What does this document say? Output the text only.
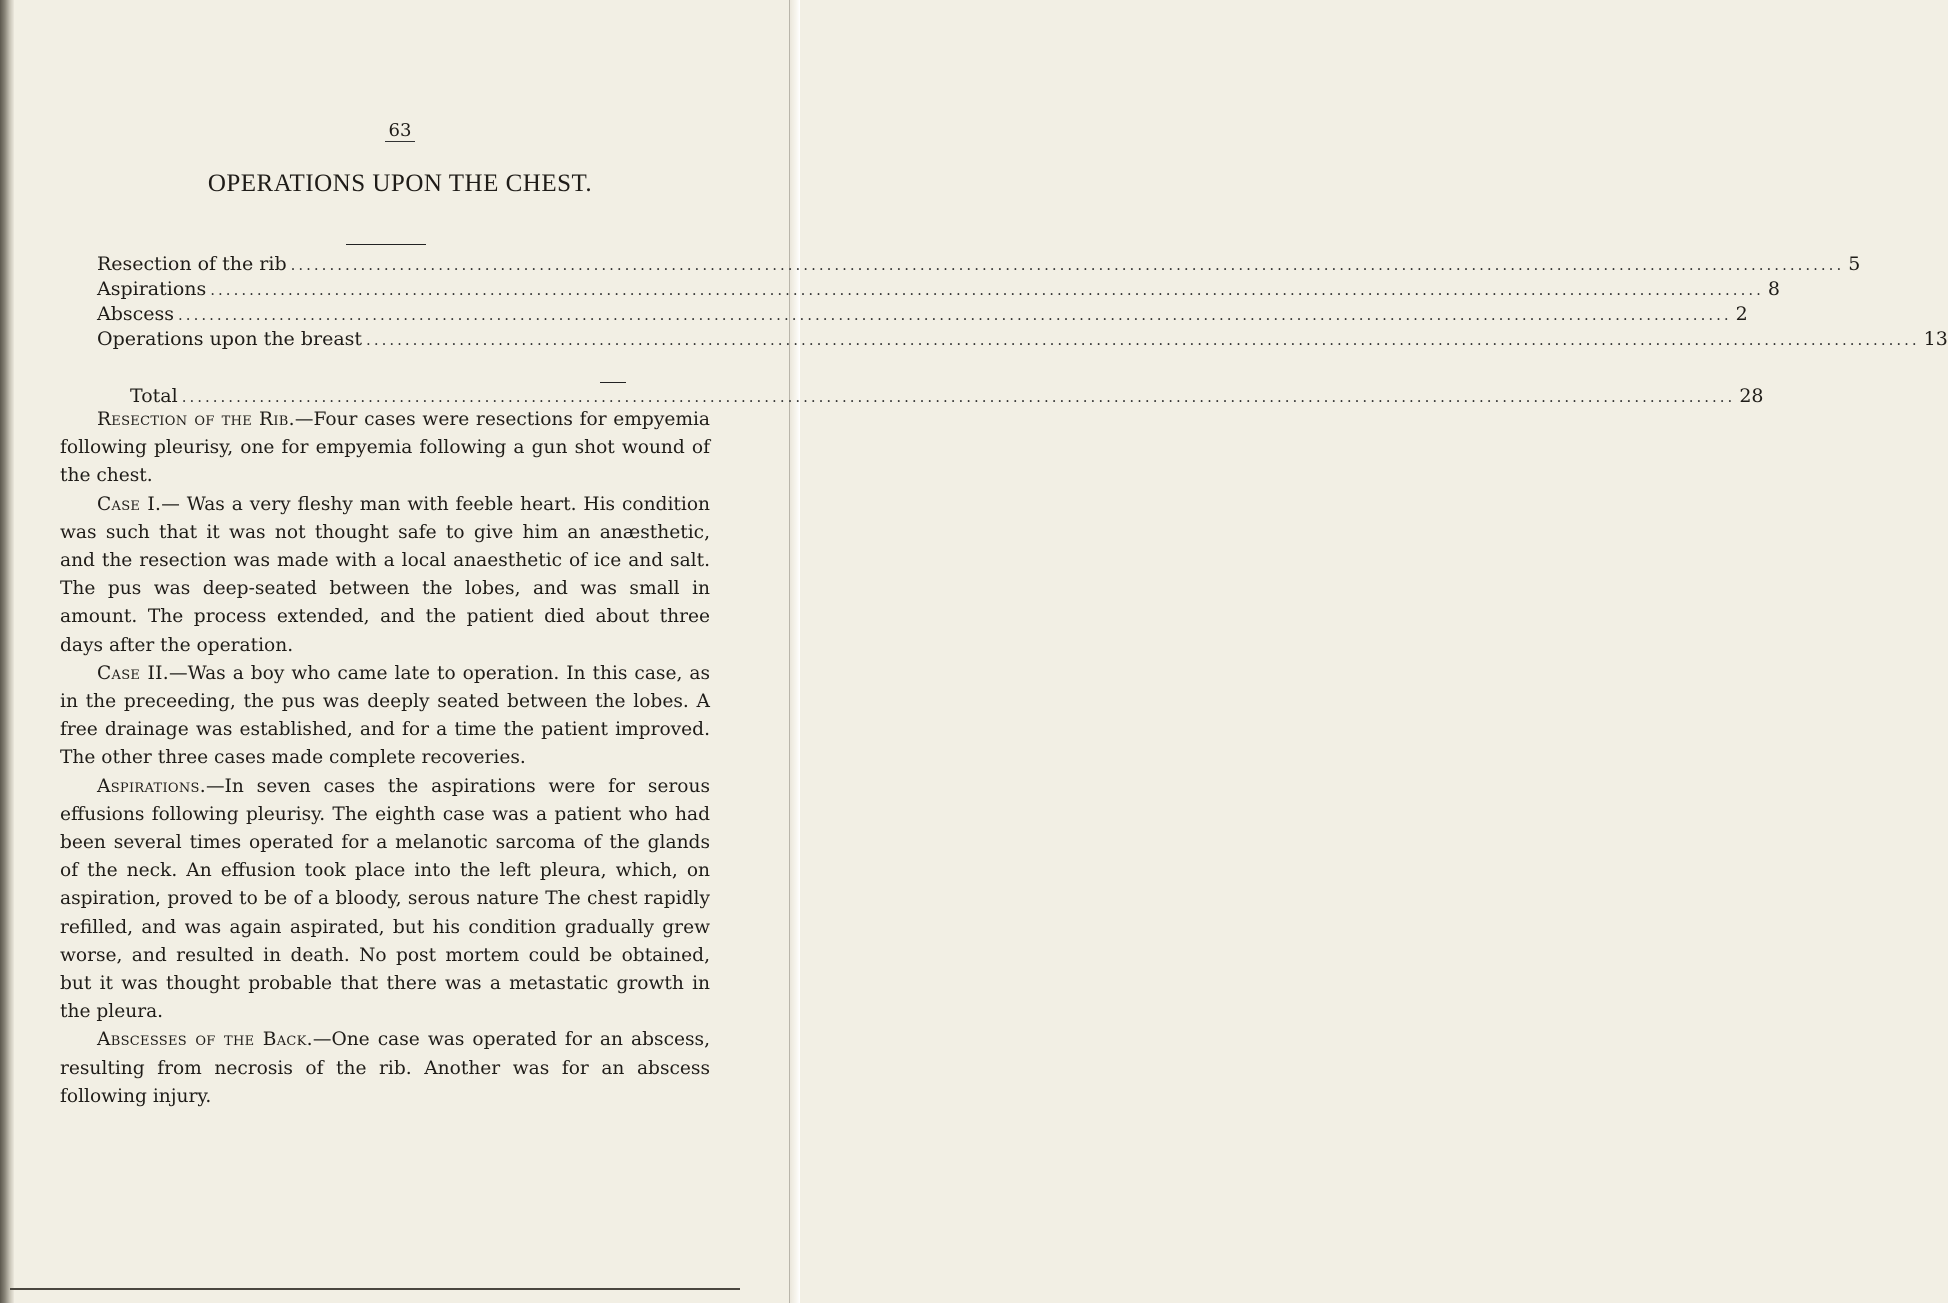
63
OPERATIONS UPON THE CHEST.
Resection of the rib ........................................................................................................................................................................................................ 5
Aspirations ........................................................................................................................................................................................................ 8
Abscess ........................................................................................................................................................................................................ 2
Operations upon the breast ........................................................................................................................................................................................................ 13
Total ........................................................................................................................................................................................................ 28

Resection of the Rib.—Four cases were resections for empyemia following pleurisy, one for empyemia following a gun shot wound of the chest.

Case I.— Was a very fleshy man with feeble heart. His condition was such that it was not thought safe to give him an anæsthetic, and the resection was made with a local anaesthetic of ice and salt. The pus was deep-seated between the lobes, and was small in amount. The process extended, and the patient died about three days after the operation.

Case II.—Was a boy who came late to operation. In this case, as in the preceeding, the pus was deeply seated between the lobes. A free drainage was established, and for a time the patient improved. The other three cases made complete recoveries.

Aspirations.—In seven cases the aspirations were for serous effusions following pleurisy. The eighth case was a patient who had been several times operated for a melanotic sarcoma of the glands of the neck. An effusion took place into the left pleura, which, on aspiration, proved to be of a bloody, serous nature The chest rapidly refilled, and was again aspirated, but his condition gradually grew worse, and resulted in death. No post mortem could be obtained, but it was thought probable that there was a metastatic growth in the pleura.

Abscesses of the Back.—One case was operated for an abscess, resulting from necrosis of the rib. Another was for an abscess following injury.
